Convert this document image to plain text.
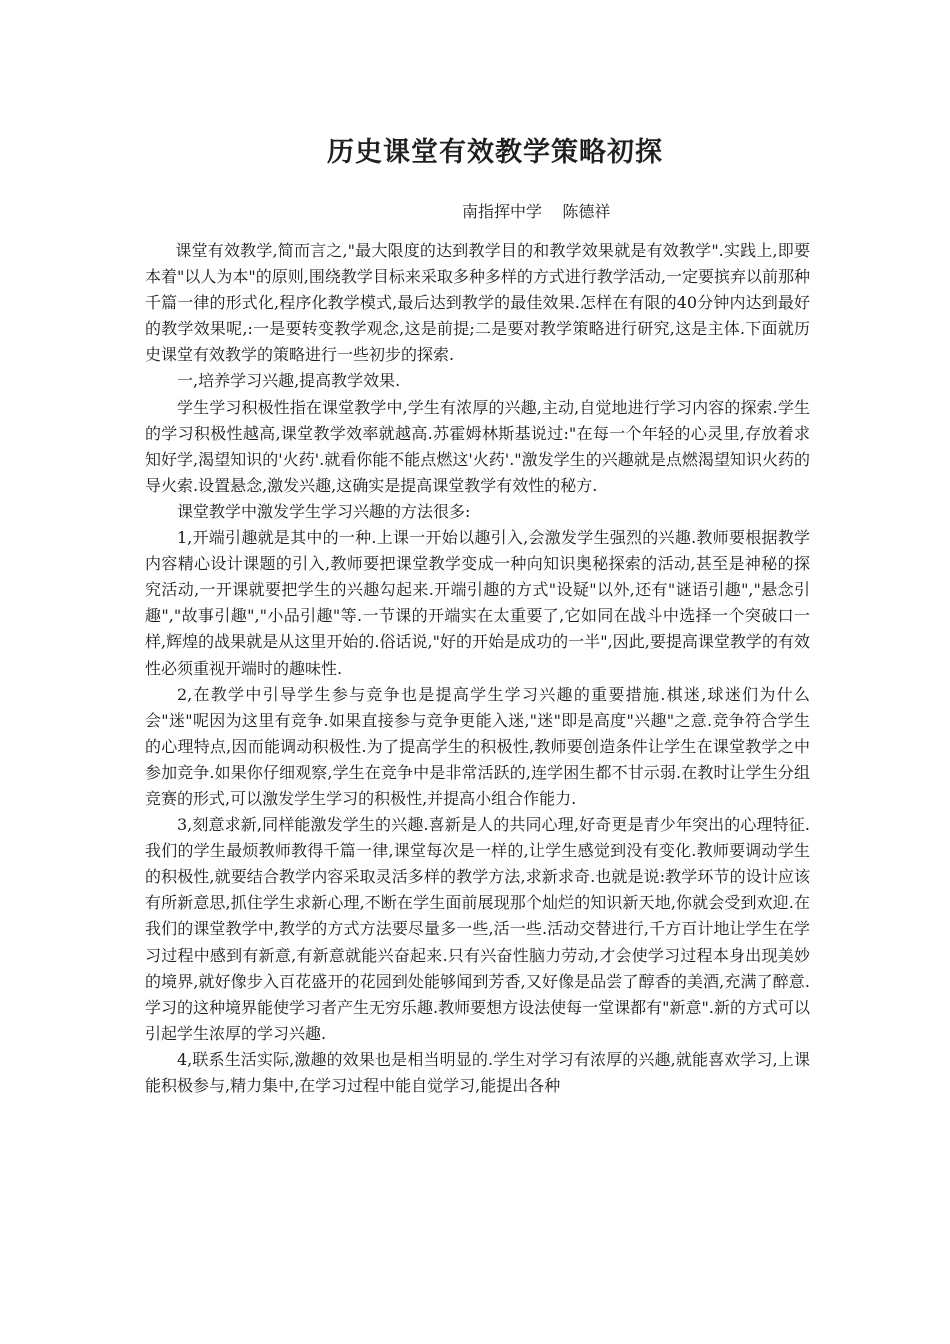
历史课堂有效教学策略初探
南指挥中学    陈德祥

课堂有效教学,简而言之,"最大限度的达到教学目的和教学效果就是有效教学".实践上,即要本着"以人为本"的原则,围绕教学目标来采取多种多样的方式进行教学活动,一定要摈弃以前那种千篇一律的形式化,程序化教学模式,最后达到教学的最佳效果.怎样在有限的40分钟内达到最好的教学效果呢,:一是要转变教学观念,这是前提;二是要对教学策略进行研究,这是主体.下面就历史课堂有效教学的策略进行一些初步的探索.

一,培养学习兴趣,提高教学效果.

学生学习积极性指在课堂教学中,学生有浓厚的兴趣,主动,自觉地进行学习内容的探索.学生的学习积极性越高,课堂教学效率就越高.苏霍姆林斯基说过:"在每一个年轻的心灵里,存放着求知好学,渴望知识的'火药'.就看你能不能点燃这'火药'."激发学生的兴趣就是点燃渴望知识火药的导火索.设置悬念,激发兴趣,这确实是提高课堂教学有效性的秘方.

课堂教学中激发学生学习兴趣的方法很多:

1,开端引趣就是其中的一种.上课一开始以趣引入,会激发学生强烈的兴趣.教师要根据教学内容精心设计课题的引入,教师要把课堂教学变成一种向知识奥秘探索的活动,甚至是神秘的探究活动,一开课就要把学生的兴趣勾起来.开端引趣的方式"设疑"以外,还有"谜语引趣","悬念引趣","故事引趣","小品引趣"等.一节课的开端实在太重要了,它如同在战斗中选择一个突破口一样,辉煌的战果就是从这里开始的.俗话说,"好的开始是成功的一半",因此,要提高课堂教学的有效性必须重视开端时的趣味性.

2,在教学中引导学生参与竞争也是提高学生学习兴趣的重要措施.棋迷,球迷们为什么会"迷"呢因为这里有竞争.如果直接参与竞争更能入迷,"迷"即是高度"兴趣"之意.竞争符合学生的心理特点,因而能调动积极性.为了提高学生的积极性,教师要创造条件让学生在课堂教学之中参加竞争.如果你仔细观察,学生在竞争中是非常活跃的,连学困生都不甘示弱.在教时让学生分组竞赛的形式,可以激发学生学习的积极性,并提高小组合作能力.

3,刻意求新,同样能激发学生的兴趣.喜新是人的共同心理,好奇更是青少年突出的心理特征.我们的学生最烦教师教得千篇一律,课堂每次是一样的,让学生感觉到没有变化.教师要调动学生的积极性,就要结合教学内容采取灵活多样的教学方法,求新求奇.也就是说:教学环节的设计应该有所新意思,抓住学生求新心理,不断在学生面前展现那个灿烂的知识新天地,你就会受到欢迎.在我们的课堂教学中,教学的方式方法要尽量多一些,活一些.活动交替进行,千方百计地让学生在学习过程中感到有新意,有新意就能兴奋起来.只有兴奋性脑力劳动,才会使学习过程本身出现美妙的境界,就好像步入百花盛开的花园到处能够闻到芳香,又好像是品尝了醇香的美酒,充满了醉意.学习的这种境界能使学习者产生无穷乐趣.教师要想方设法使每一堂课都有"新意".新的方式可以引起学生浓厚的学习兴趣.

4,联系生活实际,激趣的效果也是相当明显的.学生对学习有浓厚的兴趣,就能喜欢学习,上课能积极参与,精力集中,在学习过程中能自觉学习,能提出各种
